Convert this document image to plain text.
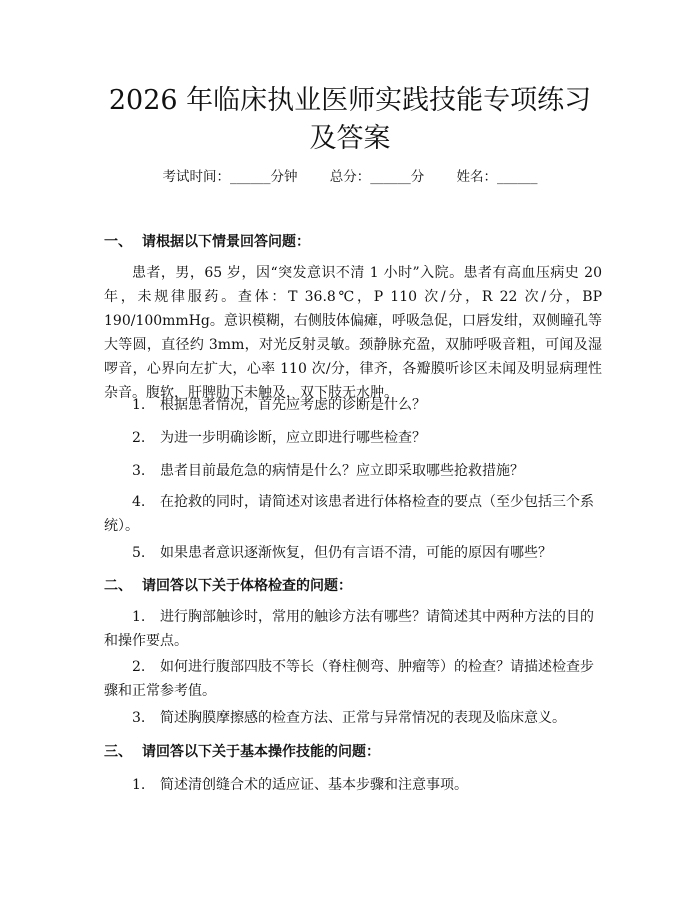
2026 年临床执业医师实践技能专项练习及答案
考试时间：______分钟 总分：______分 姓名：______
一、 请根据以下情景回答问题：
患者，男，65 岁，因“突发意识不清 1 小时”入院。患者有高血压病史 20 年，未规律服药。查体：T 36.8℃，P 110 次/分，R 22 次/分，BP 190/100mmHg。意识模糊，右侧肢体偏瘫，呼吸急促，口唇发绀，双侧瞳孔等大等圆，直径约 3mm，对光反射灵敏。颈静脉充盈，双肺呼吸音粗，可闻及湿啰音，心界向左扩大，心率 110 次/分，律齐，各瓣膜听诊区未闻及明显病理性杂音。腹软，肝脾肋下未触及，双下肢无水肿。
1. 根据患者情况，首先应考虑的诊断是什么？
2. 为进一步明确诊断，应立即进行哪些检查？
3. 患者目前最危急的病情是什么？应立即采取哪些抢救措施？
4. 在抢救的同时，请简述对该患者进行体格检查的要点（至少包括三个系统）。
5. 如果患者意识逐渐恢复，但仍有言语不清，可能的原因有哪些？
二、 请回答以下关于体格检查的问题：
1. 进行胸部触诊时，常用的触诊方法有哪些？请简述其中两种方法的目的和操作要点。
2. 如何进行腹部四肢不等长（脊柱侧弯、肿瘤等）的检查？请描述检查步骤和正常参考值。
3. 简述胸膜摩擦感的检查方法、正常与异常情况的表现及临床意义。
三、 请回答以下关于基本操作技能的问题：
1. 简述清创缝合术的适应证、基本步骤和注意事项。
